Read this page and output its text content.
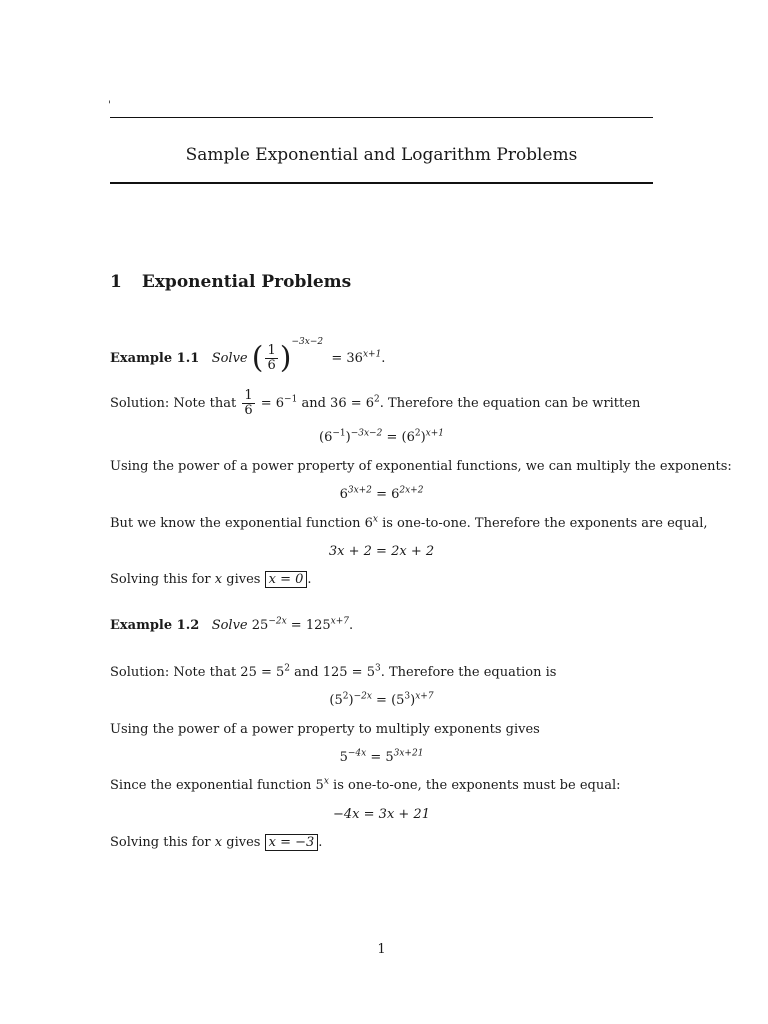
'
Sample Exponential and Logarithm Problems
1 Exponential Problems
Example 1.1 Solve ( $\frac{1}{6} )^{-3x-2} = 36^{x+1}$.
Solution: Note that $\frac{1}{6} = 6^{-1}$ and $36 = 6^2$. Therefore the equation can be written
$(6^{-1})^{-3x-2} = (6^2)^{x+1}$
Using the power of a power property of exponential functions, we can multiply the exponents:
$6^{3x+2} = 6^{2x+2}$
But we know the exponential function 6$^x$ is one-to-one. Therefore the exponents are equal,
3x + 2 = 2x + 2
Solving this for x gives x = 0 .
Example 1.2 Solve $25^{-2x} = 125^{x+7}$.
Solution: Note that $25 = 5^2$ and $125 = 5^3$. Therefore the equation is
$(5^2)^{-2x} = (5^3)^{x+7}$
Using the power of a power property to multiply exponents gives
$5^{-4x} = 5^{3x+21}$
Since the exponential function 5$^x$ is one-to-one, the exponents must be equal:
−4x = 3x + 21
Solving this for x gives x = −3 .
1
